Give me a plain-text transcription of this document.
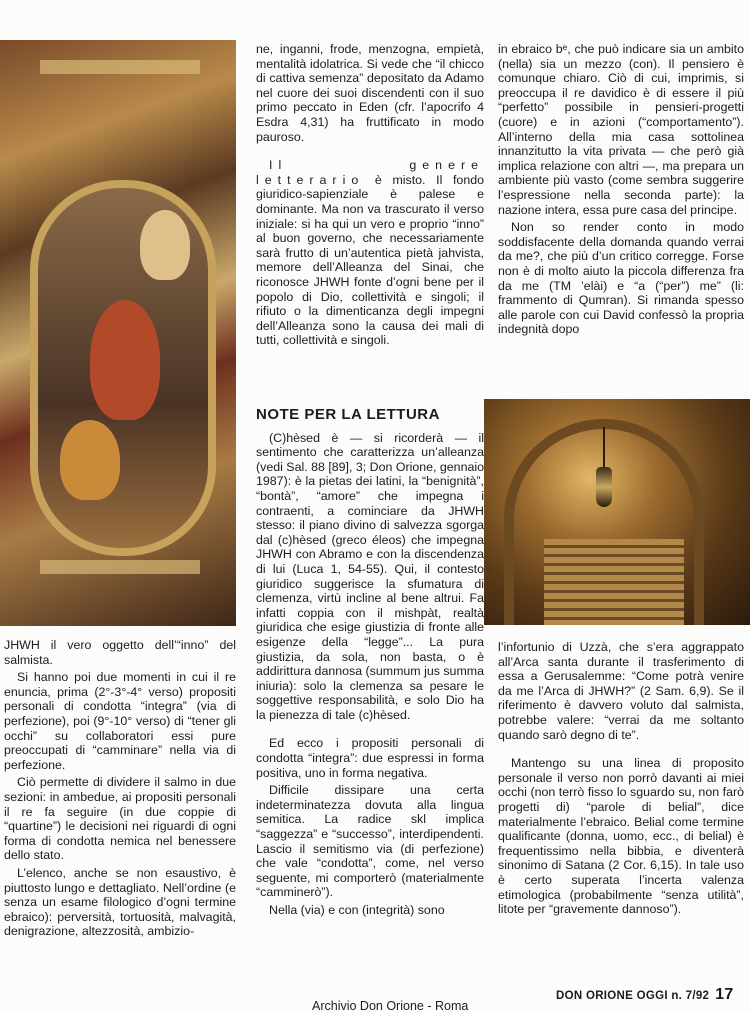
JHWH il vero oggetto dell’“inno” del salmista.

Si hanno poi due momenti in cui il re enuncia, prima (2°-3°-4° verso) propositi personali di condotta “integra” (via di perfezione), poi (9°-10° verso) di “tener gli occhi” su collaboratori essi pure preoccupati di “camminare” nella via di perfezione.

Ciò permette di dividere il salmo in due sezioni: in ambedue, ai propositi personali il re fa seguire (in due coppie di “quartine”) le decisioni nei riguardi di ogni forma di condotta nemica nel benessere dello stato.

L’elenco, anche se non esaustivo, è piuttosto lungo e dettagliato. Nell’ordine (e senza un esame filologico d’ogni termine ebraico): perversità, tortuosità, malvagità, denigrazione, altezzosità, ambizio-

ne, inganni, frode, menzogna, empietà, mentalità idolatrica. Si vede che “il chicco di cattiva semenza” depositato da Adamo nel cuore dei suoi discendenti con il suo primo peccato in Eden (cfr. l’apocrifo 4 Esdra 4,31) ha fruttificato in modo pauroso.

Il genere letterario è misto. Il fondo giuridico-sapienziale è palese e dominante. Ma non va trascurato il verso iniziale: si ha qui un vero e proprio “inno” al buon governo, che necessariamente sarà frutto di un’autentica pietà jahvista, memore dell’Alleanza del Sinai, che riconosce JHWH fonte d’ogni bene per il popolo di Dio, collettività e singoli; il rifiuto o la dimenticanza degli impegni dell’Alleanza sono la causa dei mali di tutti, collettività e singoli.

NOTE PER LA LETTURA

(C)hèsed è — si ricorderà — il sentimento che caratterizza un’alleanza (vedi Sal. 88 [89], 3; Don Orione, gennaio 1987): è la pietas dei latini, la “benignità”, “bontà”, “amore” che impegna i contraenti, a cominciare da JHWH stesso: il piano divino di salvezza sgorga dal (c)hèsed (greco éleos) che impegna JHWH con Abramo e con la discendenza di lui (Luca 1, 54-55). Qui, il contesto giuridico suggerisce la sfumatura di clemenza, virtù incline al bene altrui. Fa infatti coppia con il mishpàt, realtà giuridica che esige giustizia di fronte alle esigenze della “legge”... La pura giustizia, da sola, non basta, o è addirittura dannosa (summum jus summa iniuria): solo la clemenza sa pesare le soggettive responsabilità, e solo Dio ha la pienezza di tale (c)hèsed.

Ed ecco i propositi personali di condotta “integra”: due espressi in forma positiva, uno in forma negativa.

Difficile dissipare una certa indeterminatezza dovuta alla lingua semitica. La radice skl implica “saggezza” e “successo”, interdipendenti. Lascio il semitismo via (di perfezione) che vale “condotta”, come, nel verso seguente, mi comporterò (materialmente “camminerò”).

Nella (via) e con (integrità) sono

in ebraico bᵉ, che può indicare sia un ambito (nella) sia un mezzo (con). Il pensiero è comunque chiaro. Ciò di cui, imprimis, si preoccupa il re davidico è di essere il più “perfetto” possibile in pensieri-progetti (cuore) e in azioni (“comportamento”). All’interno della mia casa sottolinea innanzitutto la vita privata — che però già implica relazione con altri —, ma prepara un ambiente più vasto (come sembra suggerire l’espressione nella seconda parte): la nazione intera, essa pure casa del principe.

Non so render conto in modo soddisfacente della domanda quando verrai da me?, che più d’un critico corregge. Forse non è di molto aiuto la piccola differenza fra da me (TM ’elài) e “a (“per”) me” (li: frammento di Qumran). Si rimanda spesso alle parole con cui David confessò la propria indegnità dopo

l’infortunio di Uzzà, che s’era aggrappato all’Arca santa durante il trasferimento di essa a Gerusalemme: “Come potrà venire da me l’Arca di JHWH?” (2 Sam. 6,9). Se il riferimento è davvero voluto dal salmista, potrebbe valere: “verrai da me soltanto quando sarò degno di te”.

Mantengo su una linea di proposito personale il verso non porrò davanti ai miei occhi (non terrò fisso lo sguardo su, non farò progetti di) “parole di belial”, dice materialmente l’ebraico. Belial come termine qualificante (donna, uomo, ecc., di belial) è frequentissimo nella bibbia, e diventerà sinonimo di Satana (2 Cor. 6,15). In tale uso è certo superata l’incerta valenza etimologica (probabilmente “senza utilità”, litote per “gravemente dannoso”).

DON ORIONE OGGI n. 7/92 17
Archivio Don Orione - Roma
